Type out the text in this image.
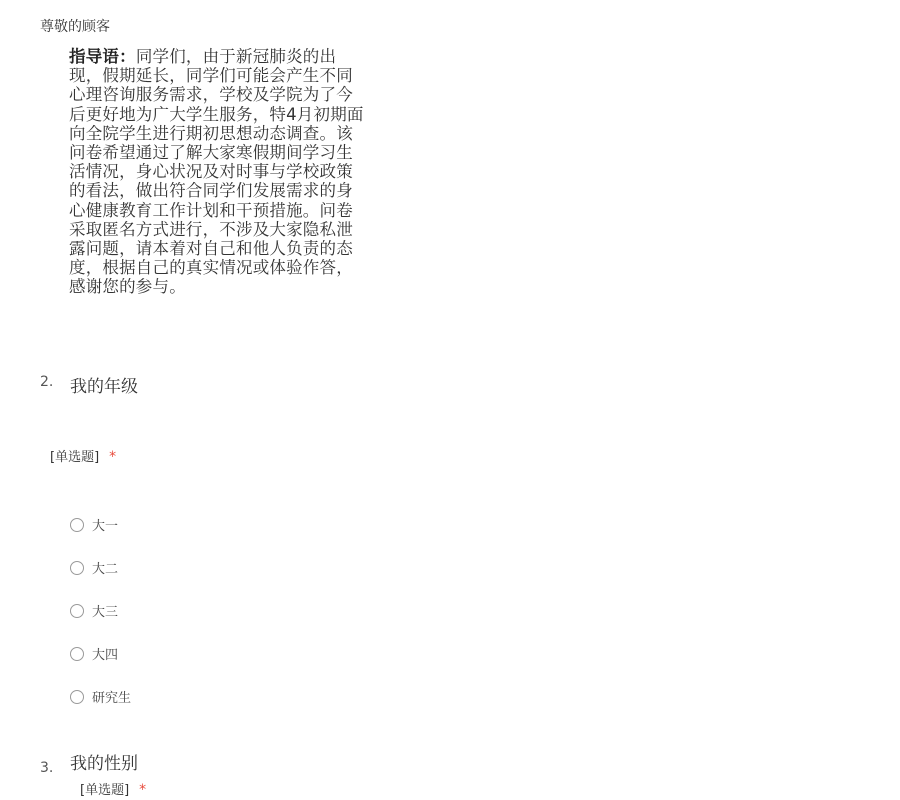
尊敬的顾客
指导语：同学们，由于新冠肺炎的出现，假期延长，同学们可能会产生不同心理咨询服务需求，学校及学院为了今后更好地为广大学生服务，特4月初期面向全院学生进行期初思想动态调查。该问卷希望通过了解大家寒假期间学习生活情况，身心状况及对时事与学校政策的看法，做出符合同学们发展需求的身心健康教育工作计划和干预措施。问卷采取匿名方式进行，不涉及大家隐私泄露问题，请本着对自己和他人负责的态度，根据自己的真实情况或体验作答，感谢您的参与。
2. 我的年级
[单选题] *
大一
大二
大三
大四
研究生
3. 我的性别
[单选题] *
